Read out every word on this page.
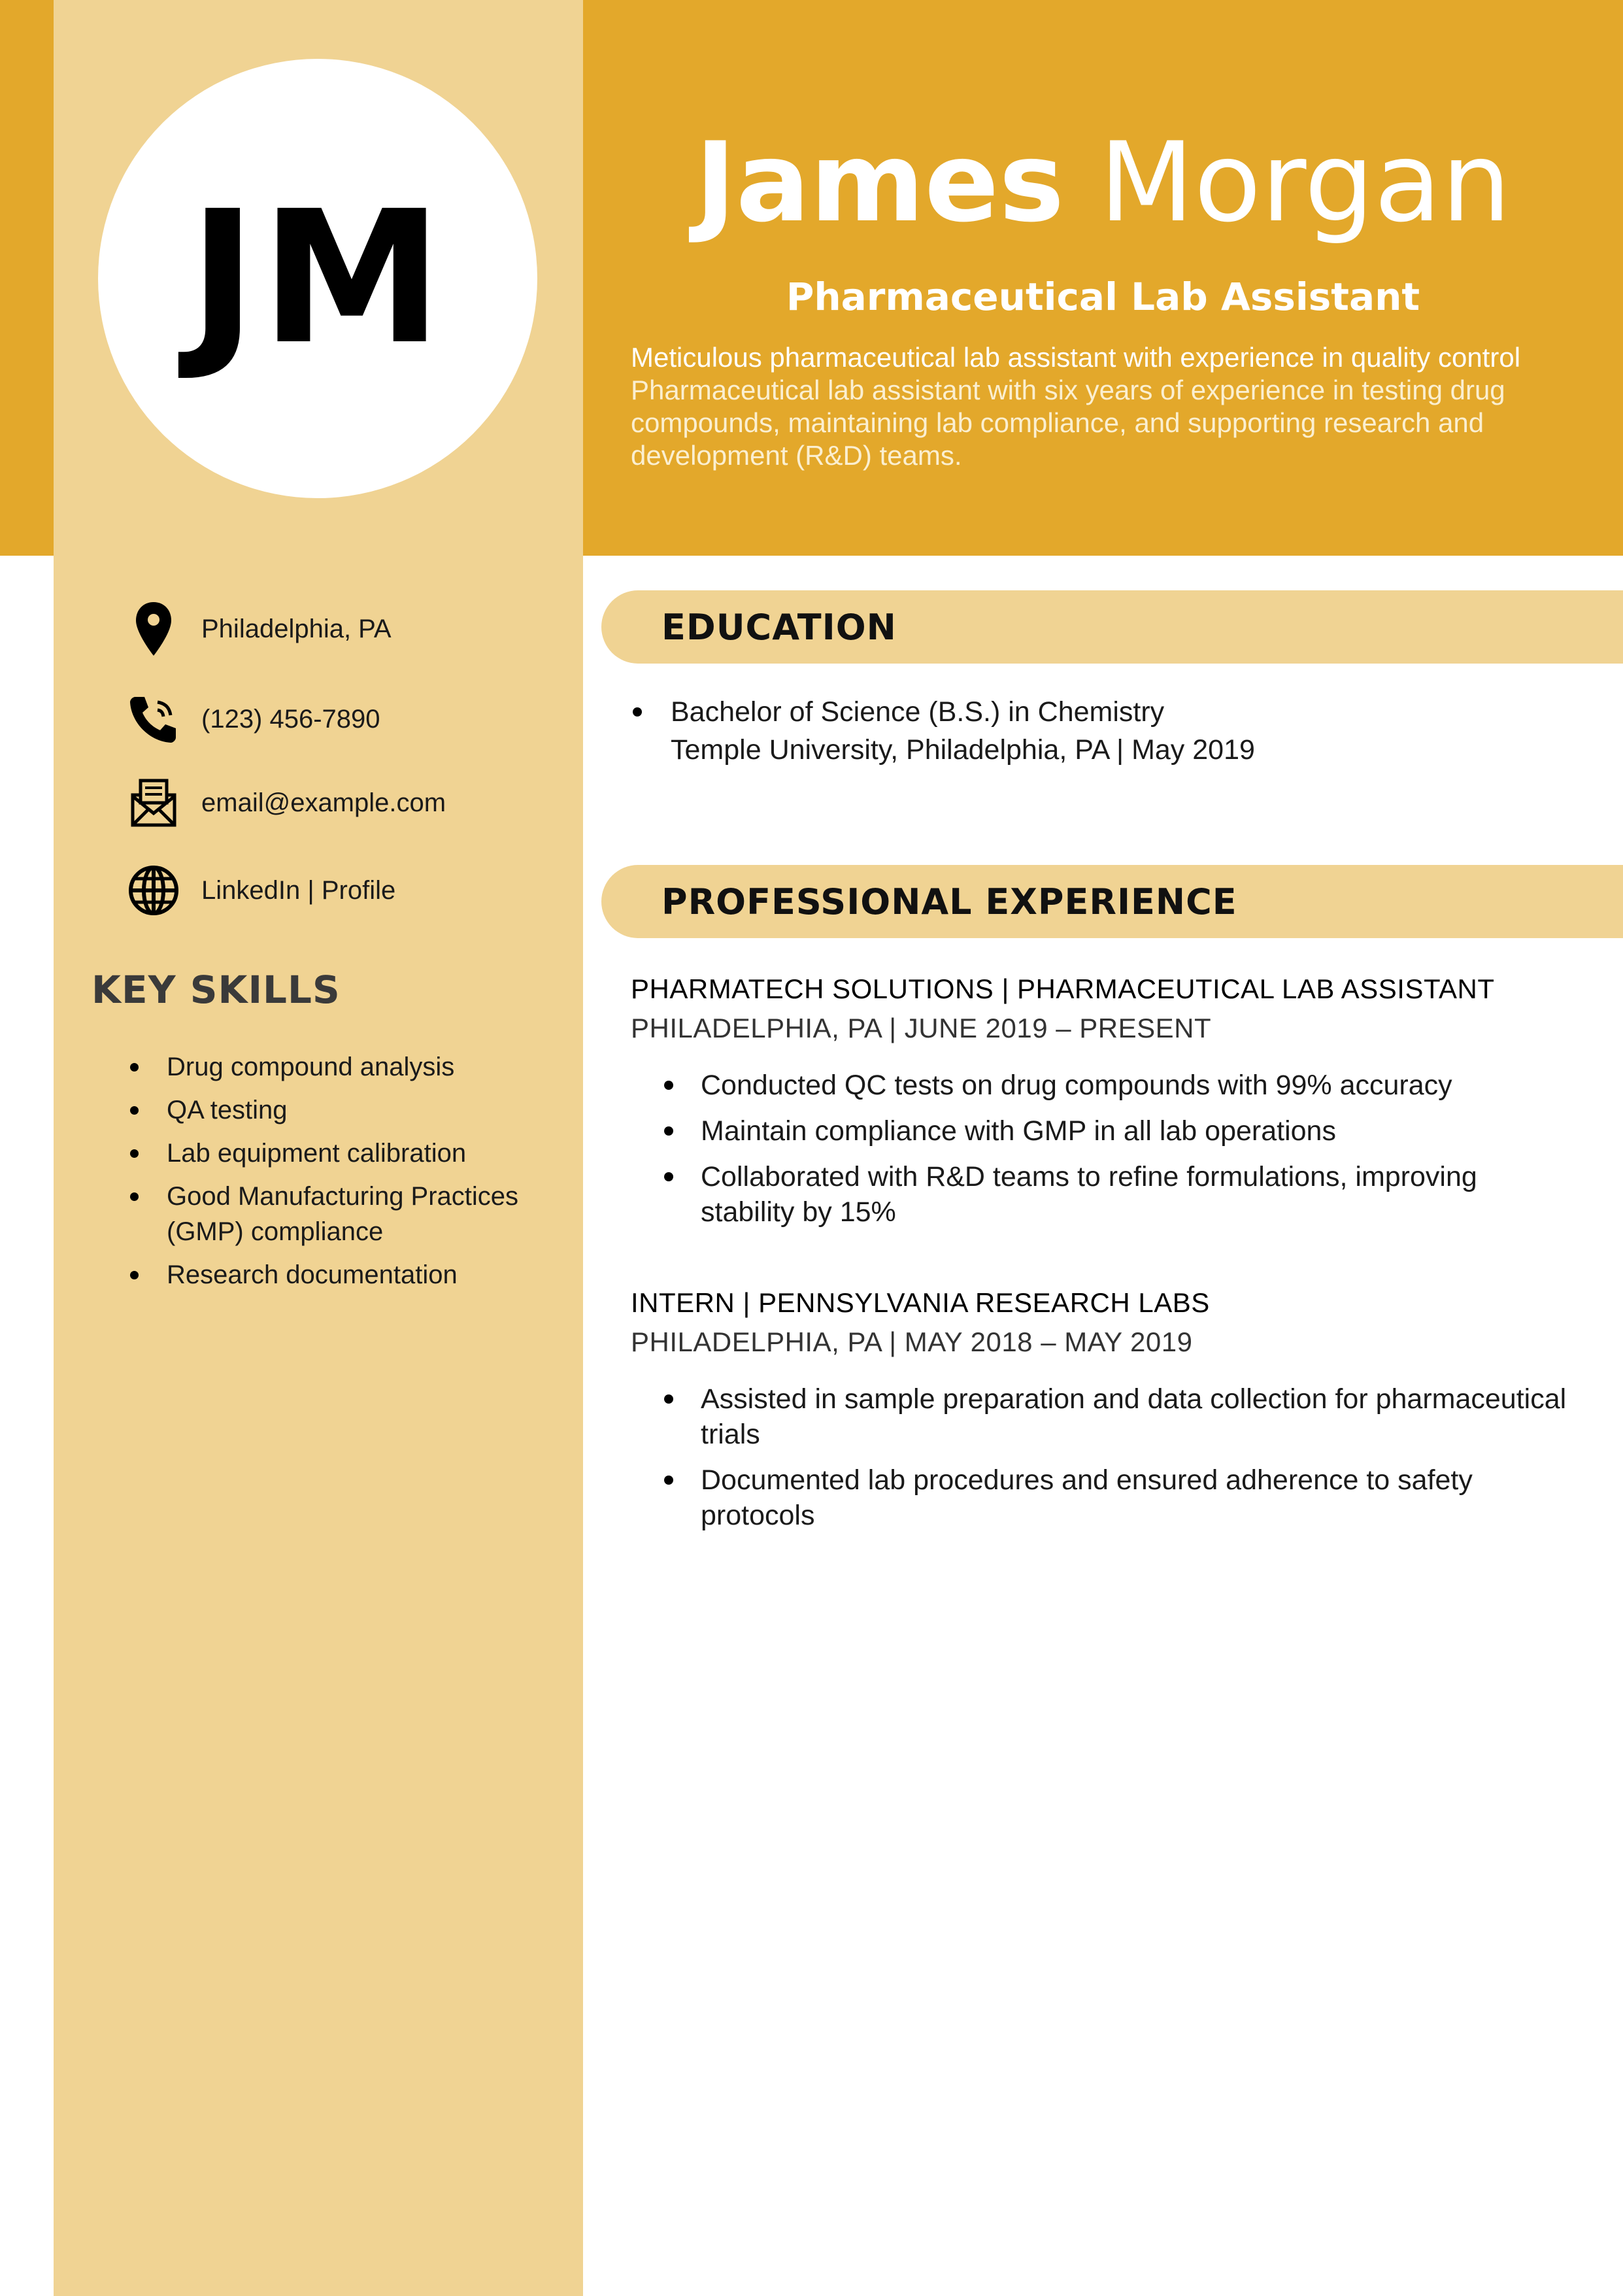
JM	James Morgan
Pharmaceutical Lab Assistant
Meticulous pharmaceutical lab assistant with experience in quality control
Pharmaceutical lab assistant with six years of experience in testing drug compounds, maintaining lab compliance, and supporting research and development (R&D) teams.
Philadelphia, PA
(123) 456-7890
email@example.com
LinkedIn | Profile
KEY SKILLS
Drug compound analysis
QA testing
Lab equipment calibration
Good Manufacturing Practices (GMP) compliance
Research documentation
EDUCATION
Bachelor of Science (B.S.) in Chemistry
Temple University, Philadelphia, PA | May 2019
PROFESSIONAL EXPERIENCE
PHARMATECH SOLUTIONS | PHARMACEUTICAL LAB ASSISTANT
PHILADELPHIA, PA | JUNE 2019 – PRESENT
Conducted QC tests on drug compounds with 99% accuracy
Maintain compliance with GMP in all lab operations
Collaborated with R&D teams to refine formulations, improving stability by 15%
INTERN | PENNSYLVANIA RESEARCH LABS
PHILADELPHIA, PA | MAY 2018 – MAY 2019
Assisted in sample preparation and data collection for pharmaceutical trials
Documented lab procedures and ensured adherence to safety protocols
